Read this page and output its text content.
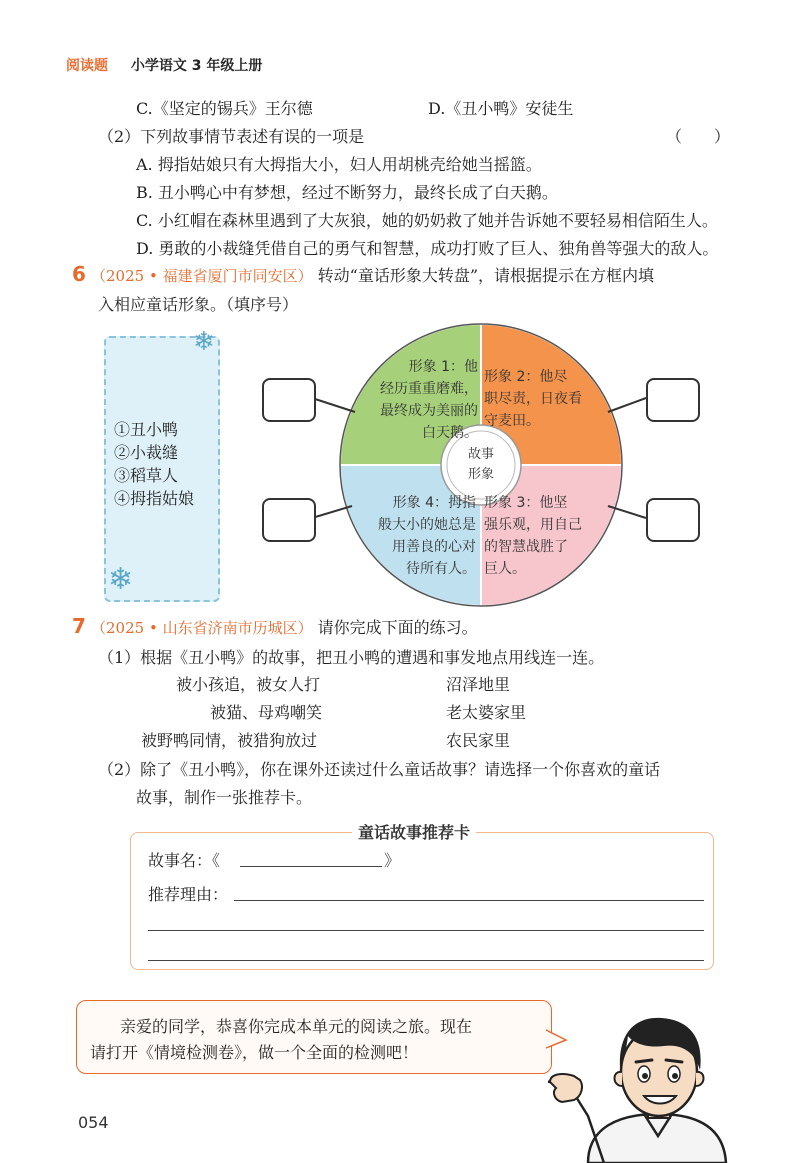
阅读题 小学语文 3 年级上册
C.《坚定的锡兵》王尔德	D.《丑小鸭》安徒生
（2）下列故事情节表述有误的一项是	（　　）
A. 拇指姑娘只有大拇指大小，妇人用胡桃壳给她当摇篮。
B. 丑小鸭心中有梦想，经过不断努力，最终长成了白天鹅。
C. 小红帽在森林里遇到了大灰狼，她的奶奶救了她并告诉她不要轻易相信陌生人。
D. 勇敢的小裁缝凭借自己的勇气和智慧，成功打败了巨人、独角兽等强大的敌人。
6 （2025 • 福建省厦门市同安区） 转动“童话形象大转盘”，请根据提示在方框内填
入相应童话形象。（填序号）
❄
❄
①丑小鸭
②小裁缝
③稻草人
④拇指姑娘
故事
形象
形象 1：他
经历重重磨难，
最终成为美丽的
白天鹅。
形象 2：他尽
职尽责，日夜看
守麦田。
形象 3：他坚
强乐观，用自己
的智慧战胜了
巨人。
形象 4：拇指
般大小的她总是
用善良的心对
待所有人。
7 （2025 • 山东省济南市历城区） 请你完成下面的练习。
（1）根据《丑小鸭》的故事，把丑小鸭的遭遇和事发地点用线连一连。
被小孩追，被女人打
被猫、母鸡嘲笑
被野鸭同情，被猎狗放过
沼泽地里
老太婆家里
农民家里
（2）除了《丑小鸭》，你在课外还读过什么童话故事？请选择一个你喜欢的童话
故事，制作一张推荐卡。
童话故事推荐卡
故事名：《	》
推荐理由：
亲爱的同学，恭喜你完成本单元的阅读之旅。现在
请打开《情境检测卷》，做一个全面的检测吧！
054
